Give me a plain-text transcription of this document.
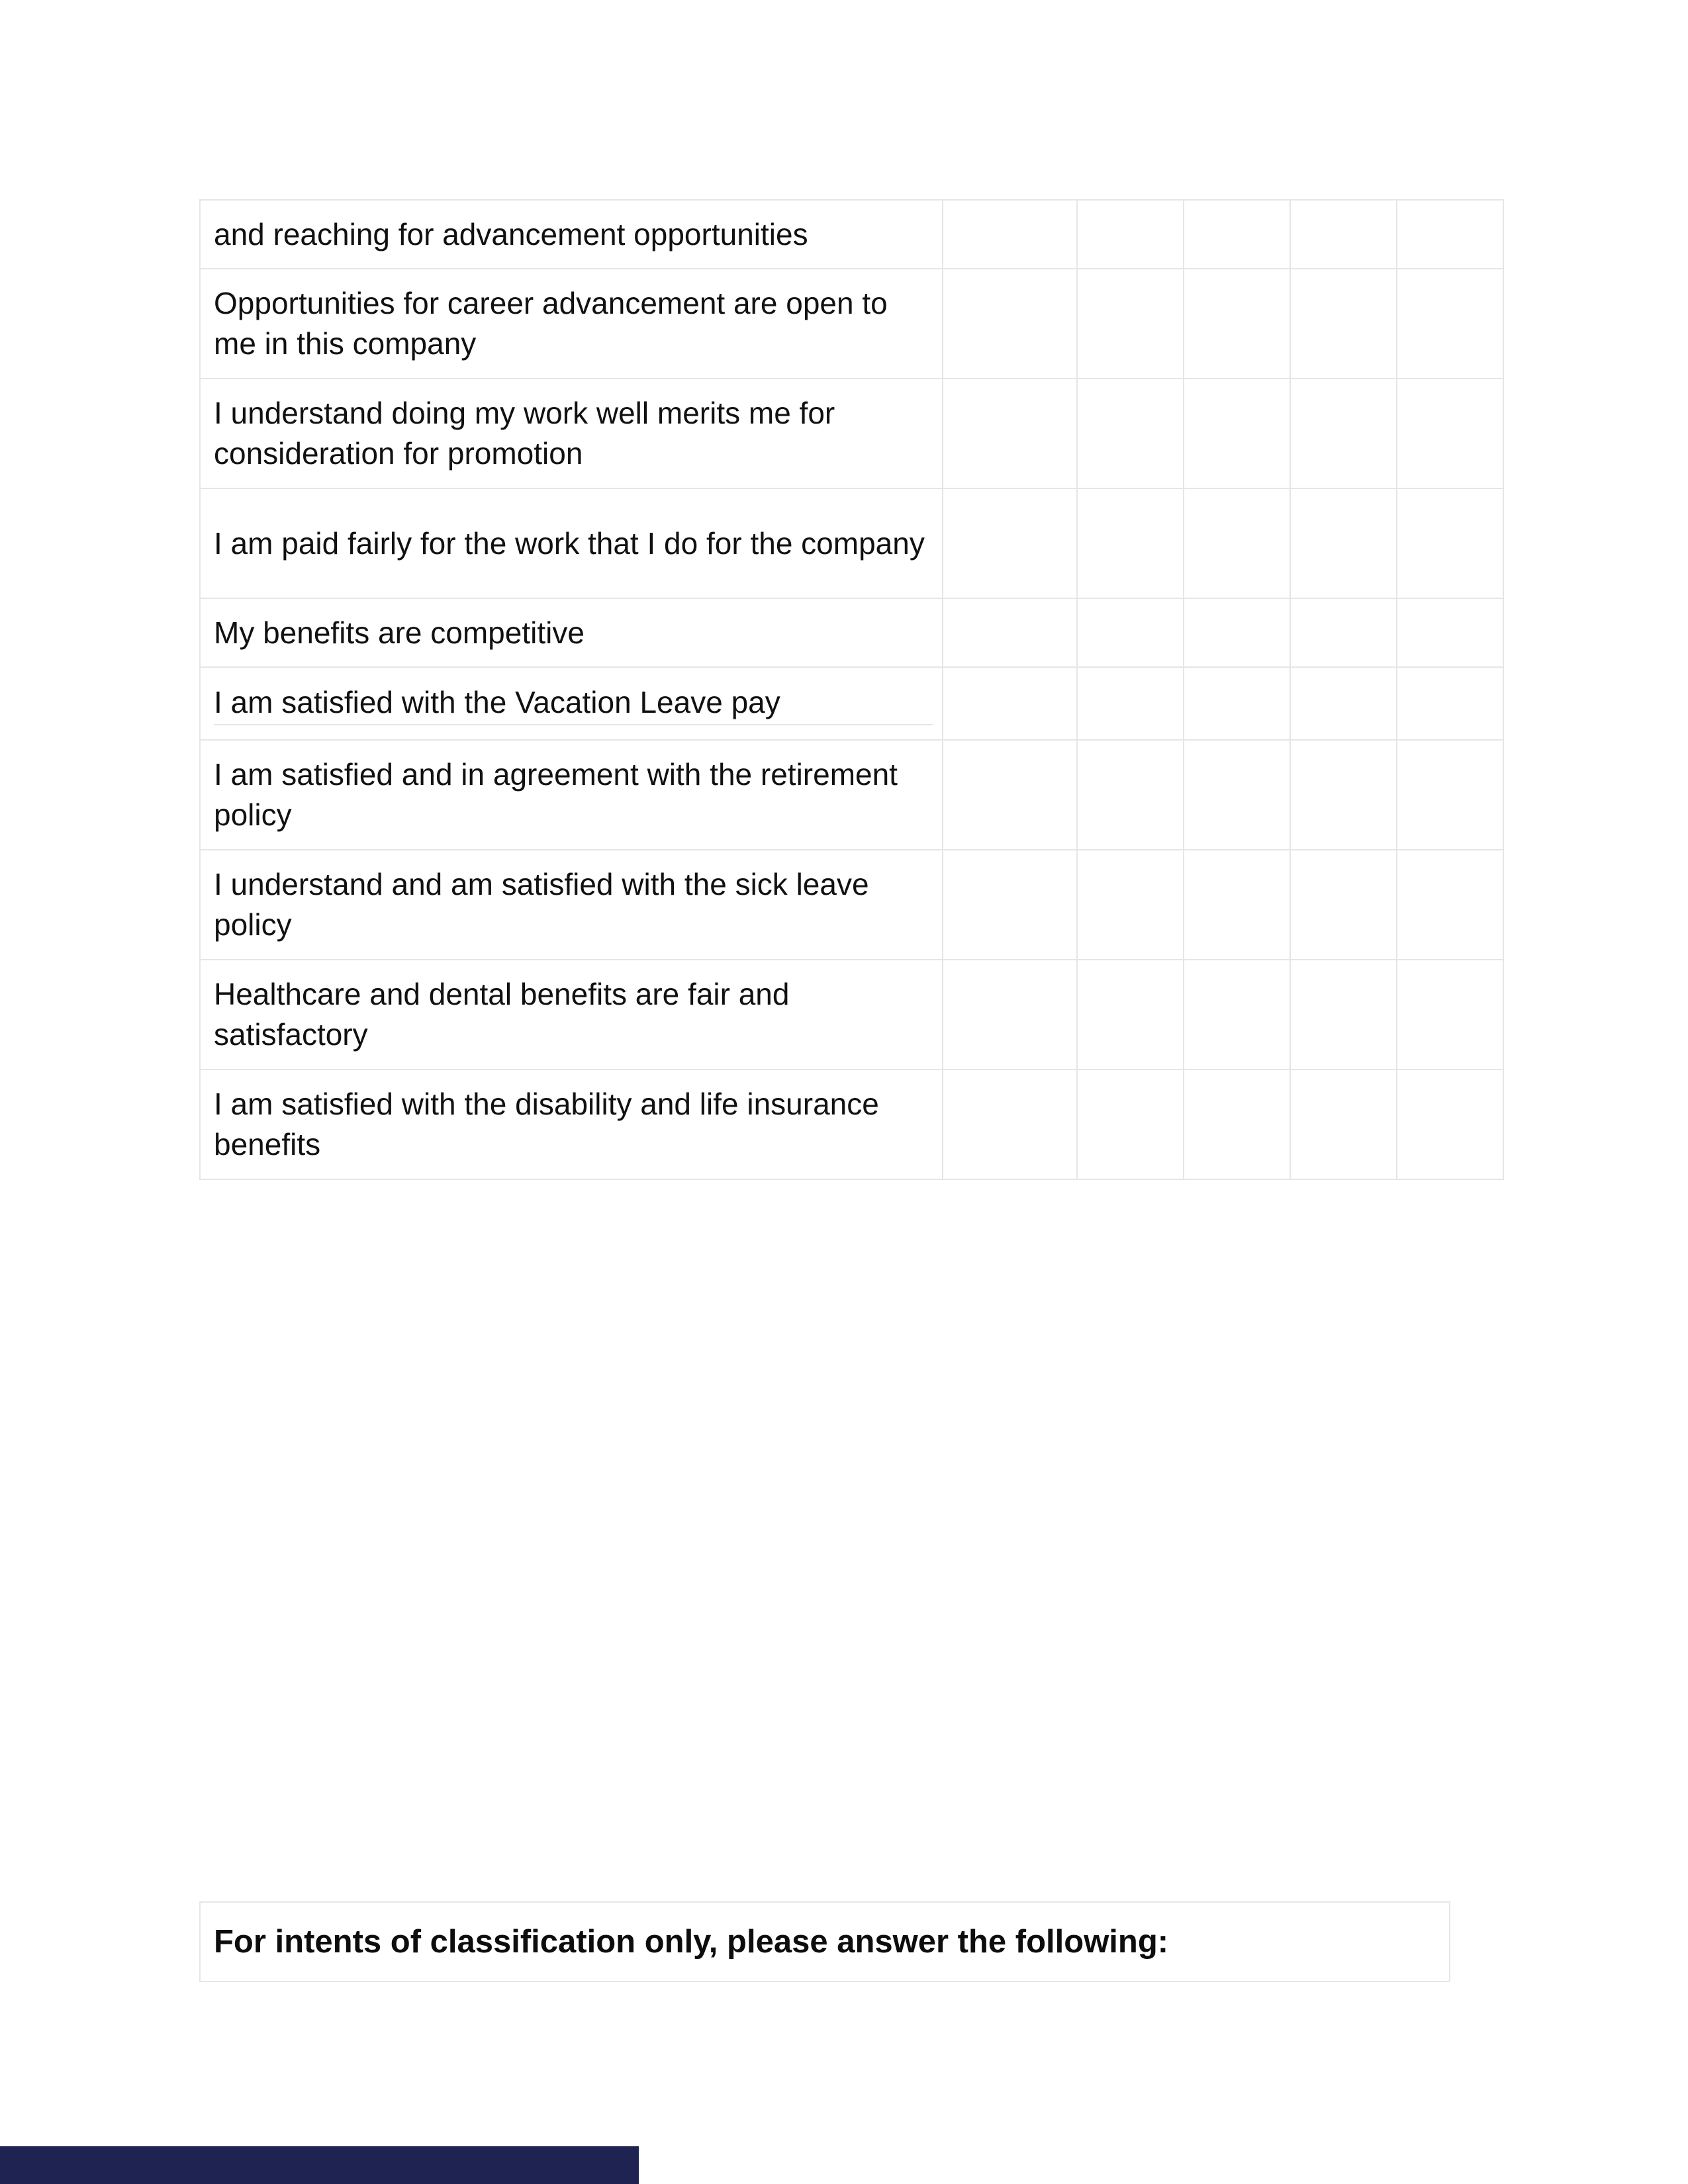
and reaching for advancement opportunities					

Opportunities for career advancement are open to me in this company					

I understand doing my work well merits me for consideration for promotion					

I am paid fairly for the work that I do for the company					

My benefits are competitive					

I am satisfied with the Vacation Leave pay					

I am satisfied and in agreement with the retirement policy					

I understand and am satisfied with the sick leave policy					

Healthcare and dental benefits are fair and satisfactory					

I am satisfied with the disability and life insurance benefits					

For intents of classification only, please answer the following:
